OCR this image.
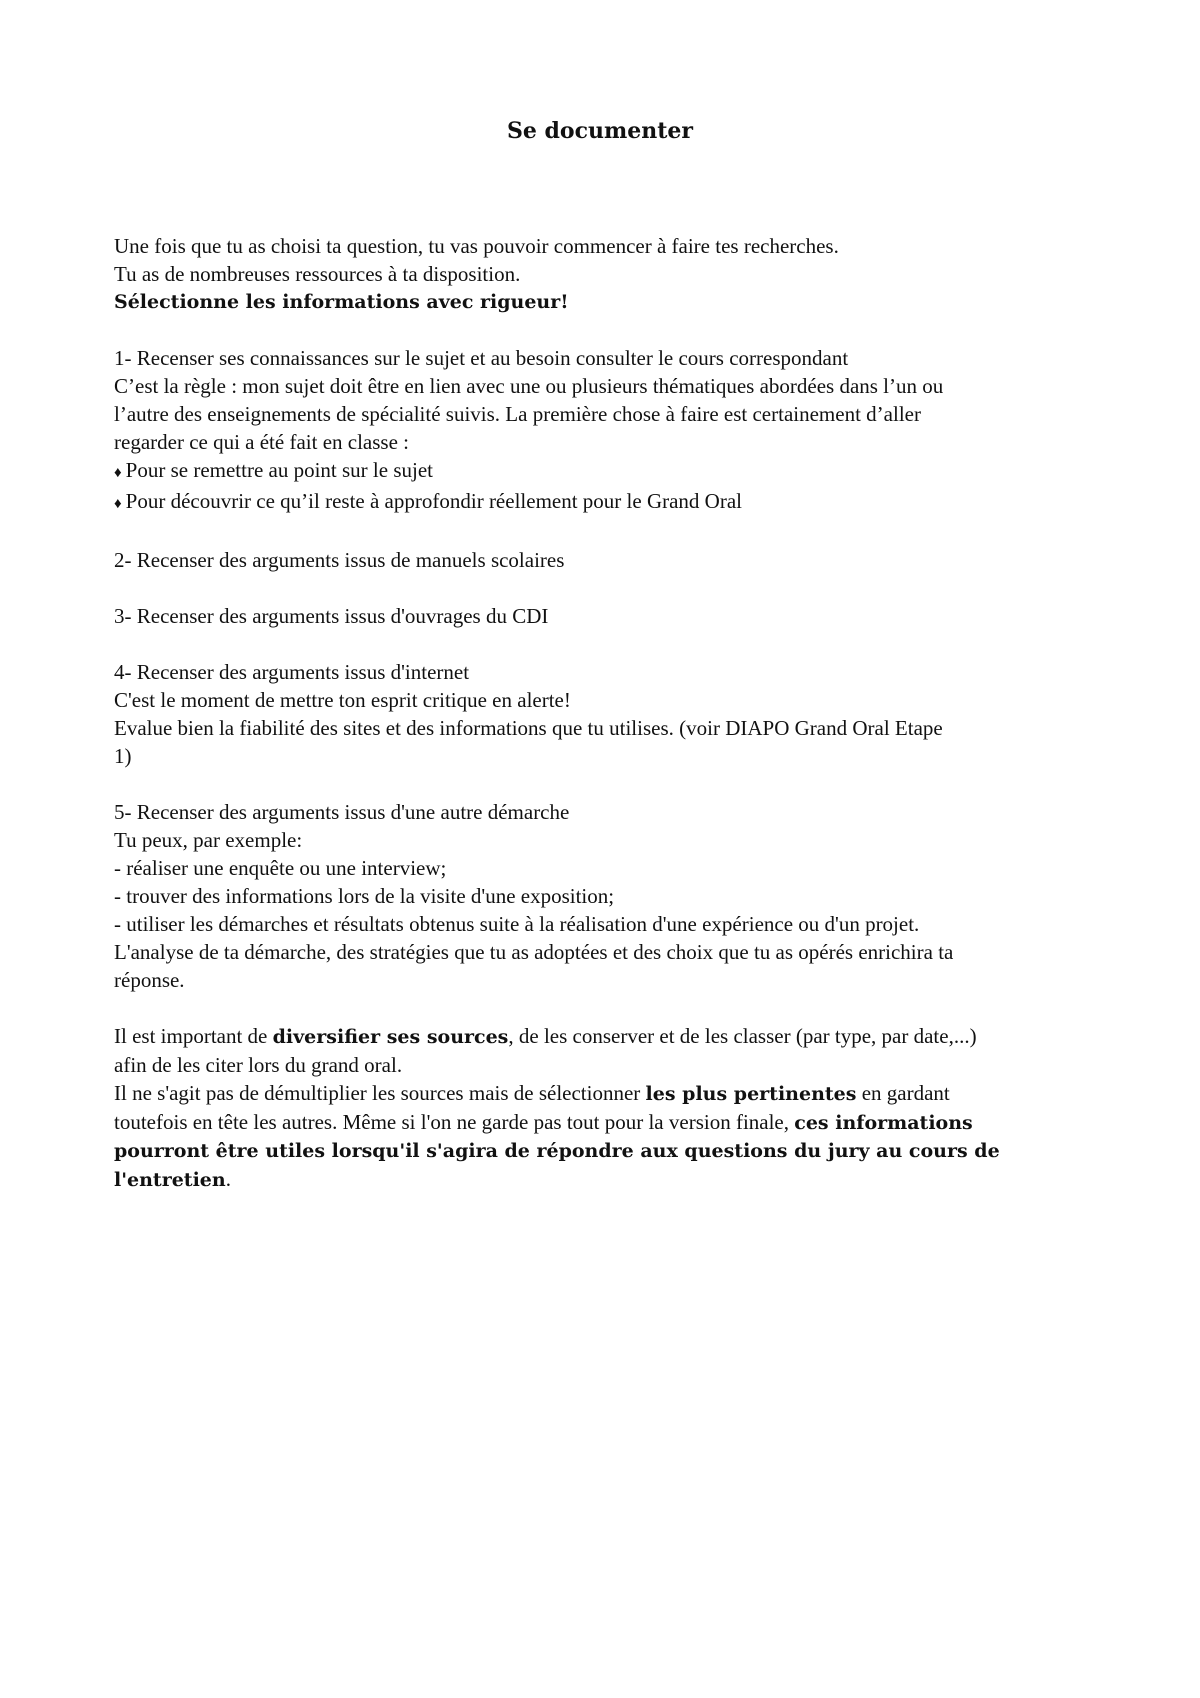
Se documenter
Une fois que tu as choisi ta question, tu vas pouvoir commencer à faire tes recherches.
Tu as de nombreuses ressources à ta disposition.
Sélectionne les informations avec rigueur!
1- Recenser ses connaissances sur le sujet et au besoin consulter le cours correspondant
C’est la règle : mon sujet doit être en lien avec une ou plusieurs thématiques abordées dans l’un ou
l’autre des enseignements de spécialité suivis. La première chose à faire est certainement d’aller
regarder ce qui a été fait en classe :
♦ Pour se remettre au point sur le sujet
♦ Pour découvrir ce qu’il reste à approfondir réellement pour le Grand Oral
2- Recenser des arguments issus de manuels scolaires
3- Recenser des arguments issus d'ouvrages du CDI
4- Recenser des arguments issus d'internet
C'est le moment de mettre ton esprit critique en alerte!
Evalue bien la fiabilité des sites et des informations que tu utilises. (voir DIAPO Grand Oral Etape
1)
5- Recenser des arguments issus d'une autre démarche
Tu peux, par exemple:
- réaliser une enquête ou une interview;
- trouver des informations lors de la visite d'une exposition;
- utiliser les démarches et résultats obtenus suite à la réalisation d'une expérience ou d'un projet.
L'analyse de ta démarche, des stratégies que tu as adoptées et des choix que tu as opérés enrichira ta
réponse.
Il est important de diversifier ses sources, de les conserver et de les classer (par type, par date,...)
afin de les citer lors du grand oral.
Il ne s'agit pas de démultiplier les sources mais de sélectionner les plus pertinentes en gardant
toutefois en tête les autres. Même si l'on ne garde pas tout pour la version finale, ces informations
pourront être utiles lorsqu'il s'agira de répondre aux questions du jury au cours de
l'entretien.
